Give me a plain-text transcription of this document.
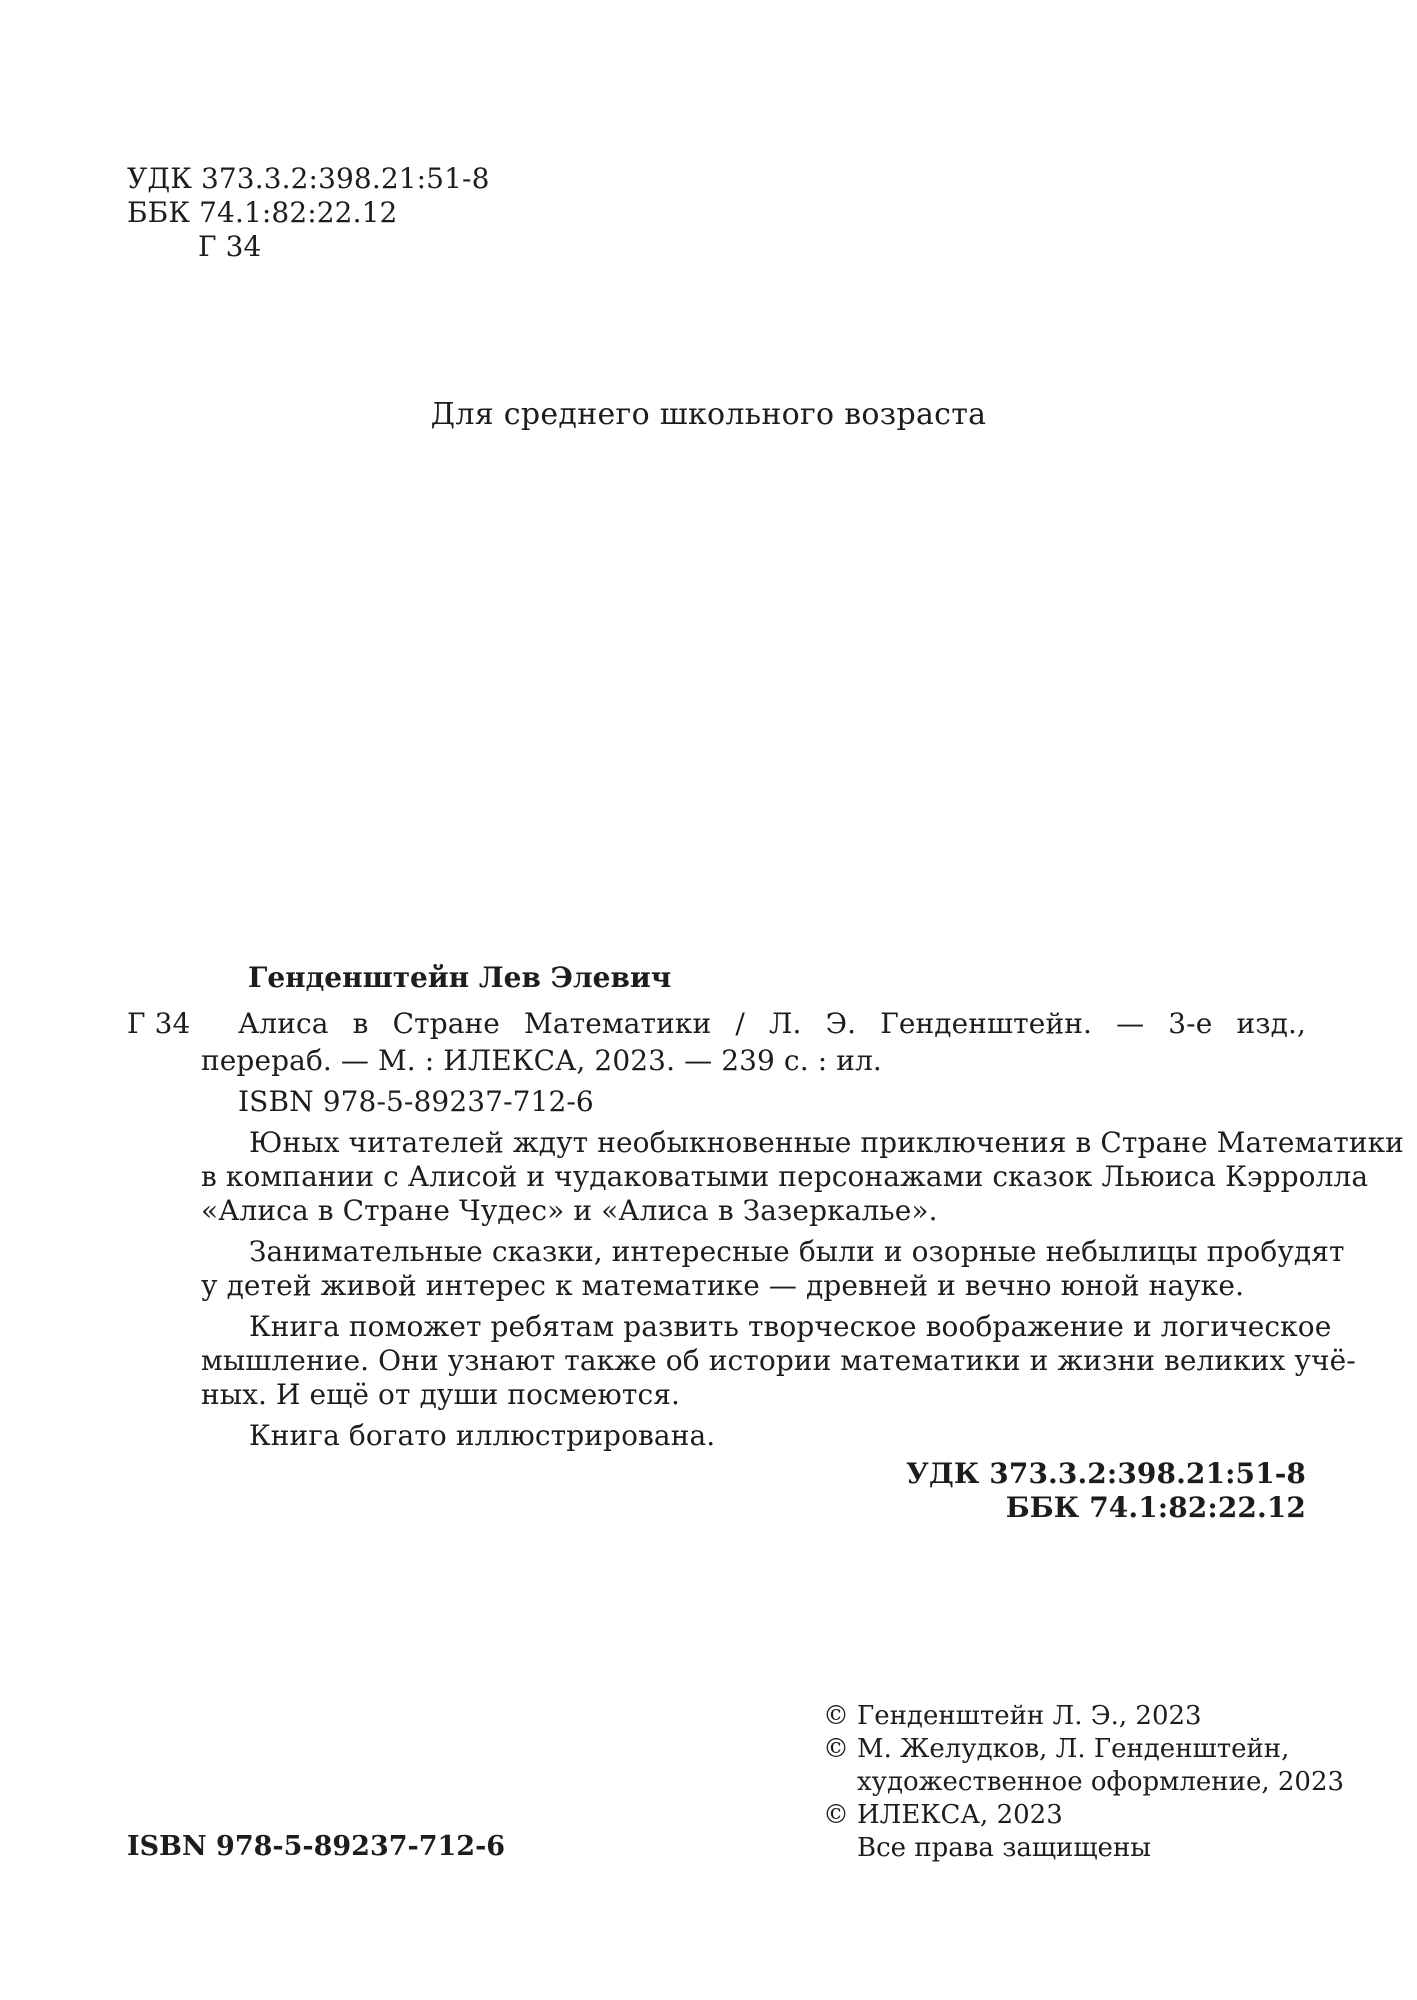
УДК 373.3.2:398.21:51-8
ББК 74.1:82:22.12
Г 34
Для среднего школьного возраста
Генденштейн Лев Элевич
Г 34 Алиса в Стране Математики / Л. Э. Генденштейн. — 3-е изд.,
перераб. — М. : ИЛЕКСА, 2023. — 239 с. : ил.
ISBN 978-5-89237-712-6
Юных читателей ждут необыкновенные приключения в Стране Математики
в компании с Алисой и чудаковатыми персонажами сказок Льюиса Кэрролла
«Алиса в Стране Чудес» и «Алиса в Зазеркалье».
Занимательные сказки, интересные были и озорные небылицы пробудят
у детей живой интерес к математике — древней и вечно юной науке.
Книга поможет ребятам развить творческое воображение и логическое
мышление. Они узнают также об истории математики и жизни великих учё-
ных. И ещё от души посмеются.
Книга богато иллюстрирована.
УДК 373.3.2:398.21:51-8
ББК 74.1:82:22.12
© Генденштейн Л. Э., 2023
© М. Желудков, Л. Генденштейн,
художественное оформление, 2023
© ИЛЕКСА, 2023
Все права защищены
ISBN 978-5-89237-712-6
